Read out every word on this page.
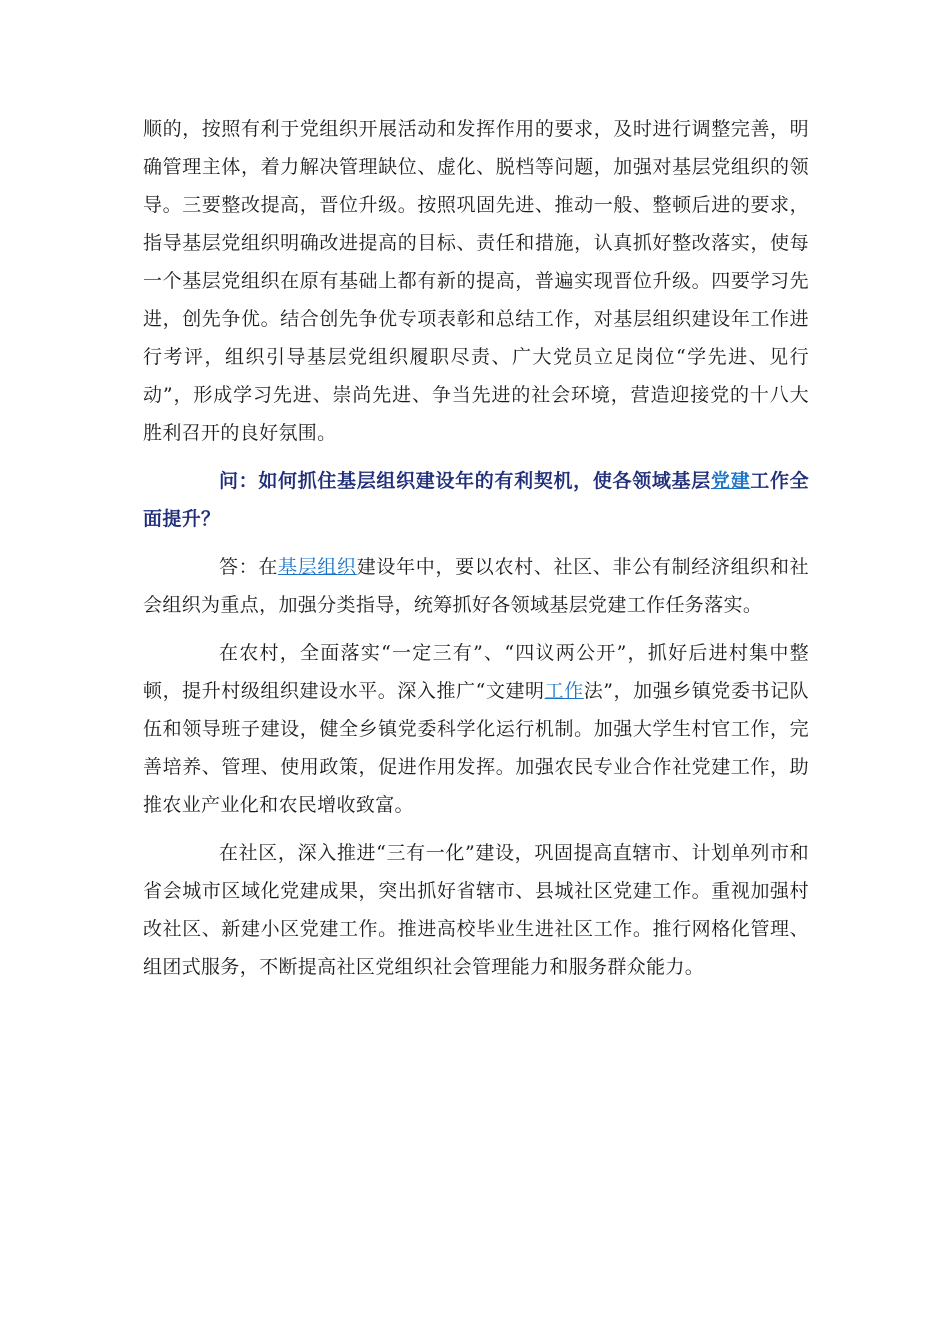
顺的，按照有利于党组织开展活动和发挥作用的要求，及时进行调整完善，明确管理主体，着力解决管理缺位、虚化、脱档等问题，加强对基层党组织的领导。三要整改提高，晋位升级。按照巩固先进、推动一般、整顿后进的要求，指导基层党组织明确改进提高的目标、责任和措施，认真抓好整改落实，使每一个基层党组织在原有基础上都有新的提高，普遍实现晋位升级。四要学习先进，创先争优。结合创先争优专项表彰和总结工作，对基层组织建设年工作进行考评，组织引导基层党组织履职尽责、广大党员立足岗位“学先进、见行动”，形成学习先进、崇尚先进、争当先进的社会环境，营造迎接党的十八大胜利召开的良好氛围。

问：如何抓住基层组织建设年的有利契机，使各领域基层党建工作全面提升？

答：在基层组织建设年中，要以农村、社区、非公有制经济组织和社会组织为重点，加强分类指导，统筹抓好各领域基层党建工作任务落实。

在农村，全面落实“一定三有”、“四议两公开”，抓好后进村集中整顿，提升村级组织建设水平。深入推广“文建明工作法”，加强乡镇党委书记队伍和领导班子建设，健全乡镇党委科学化运行机制。加强大学生村官工作，完善培养、管理、使用政策，促进作用发挥。加强农民专业合作社党建工作，助推农业产业化和农民增收致富。

在社区，深入推进“三有一化”建设，巩固提高直辖市、计划单列市和省会城市区域化党建成果，突出抓好省辖市、县城社区党建工作。重视加强村改社区、新建小区党建工作。推进高校毕业生进社区工作。推行网格化管理、组团式服务，不断提高社区党组织社会管理能力和服务群众能力。
